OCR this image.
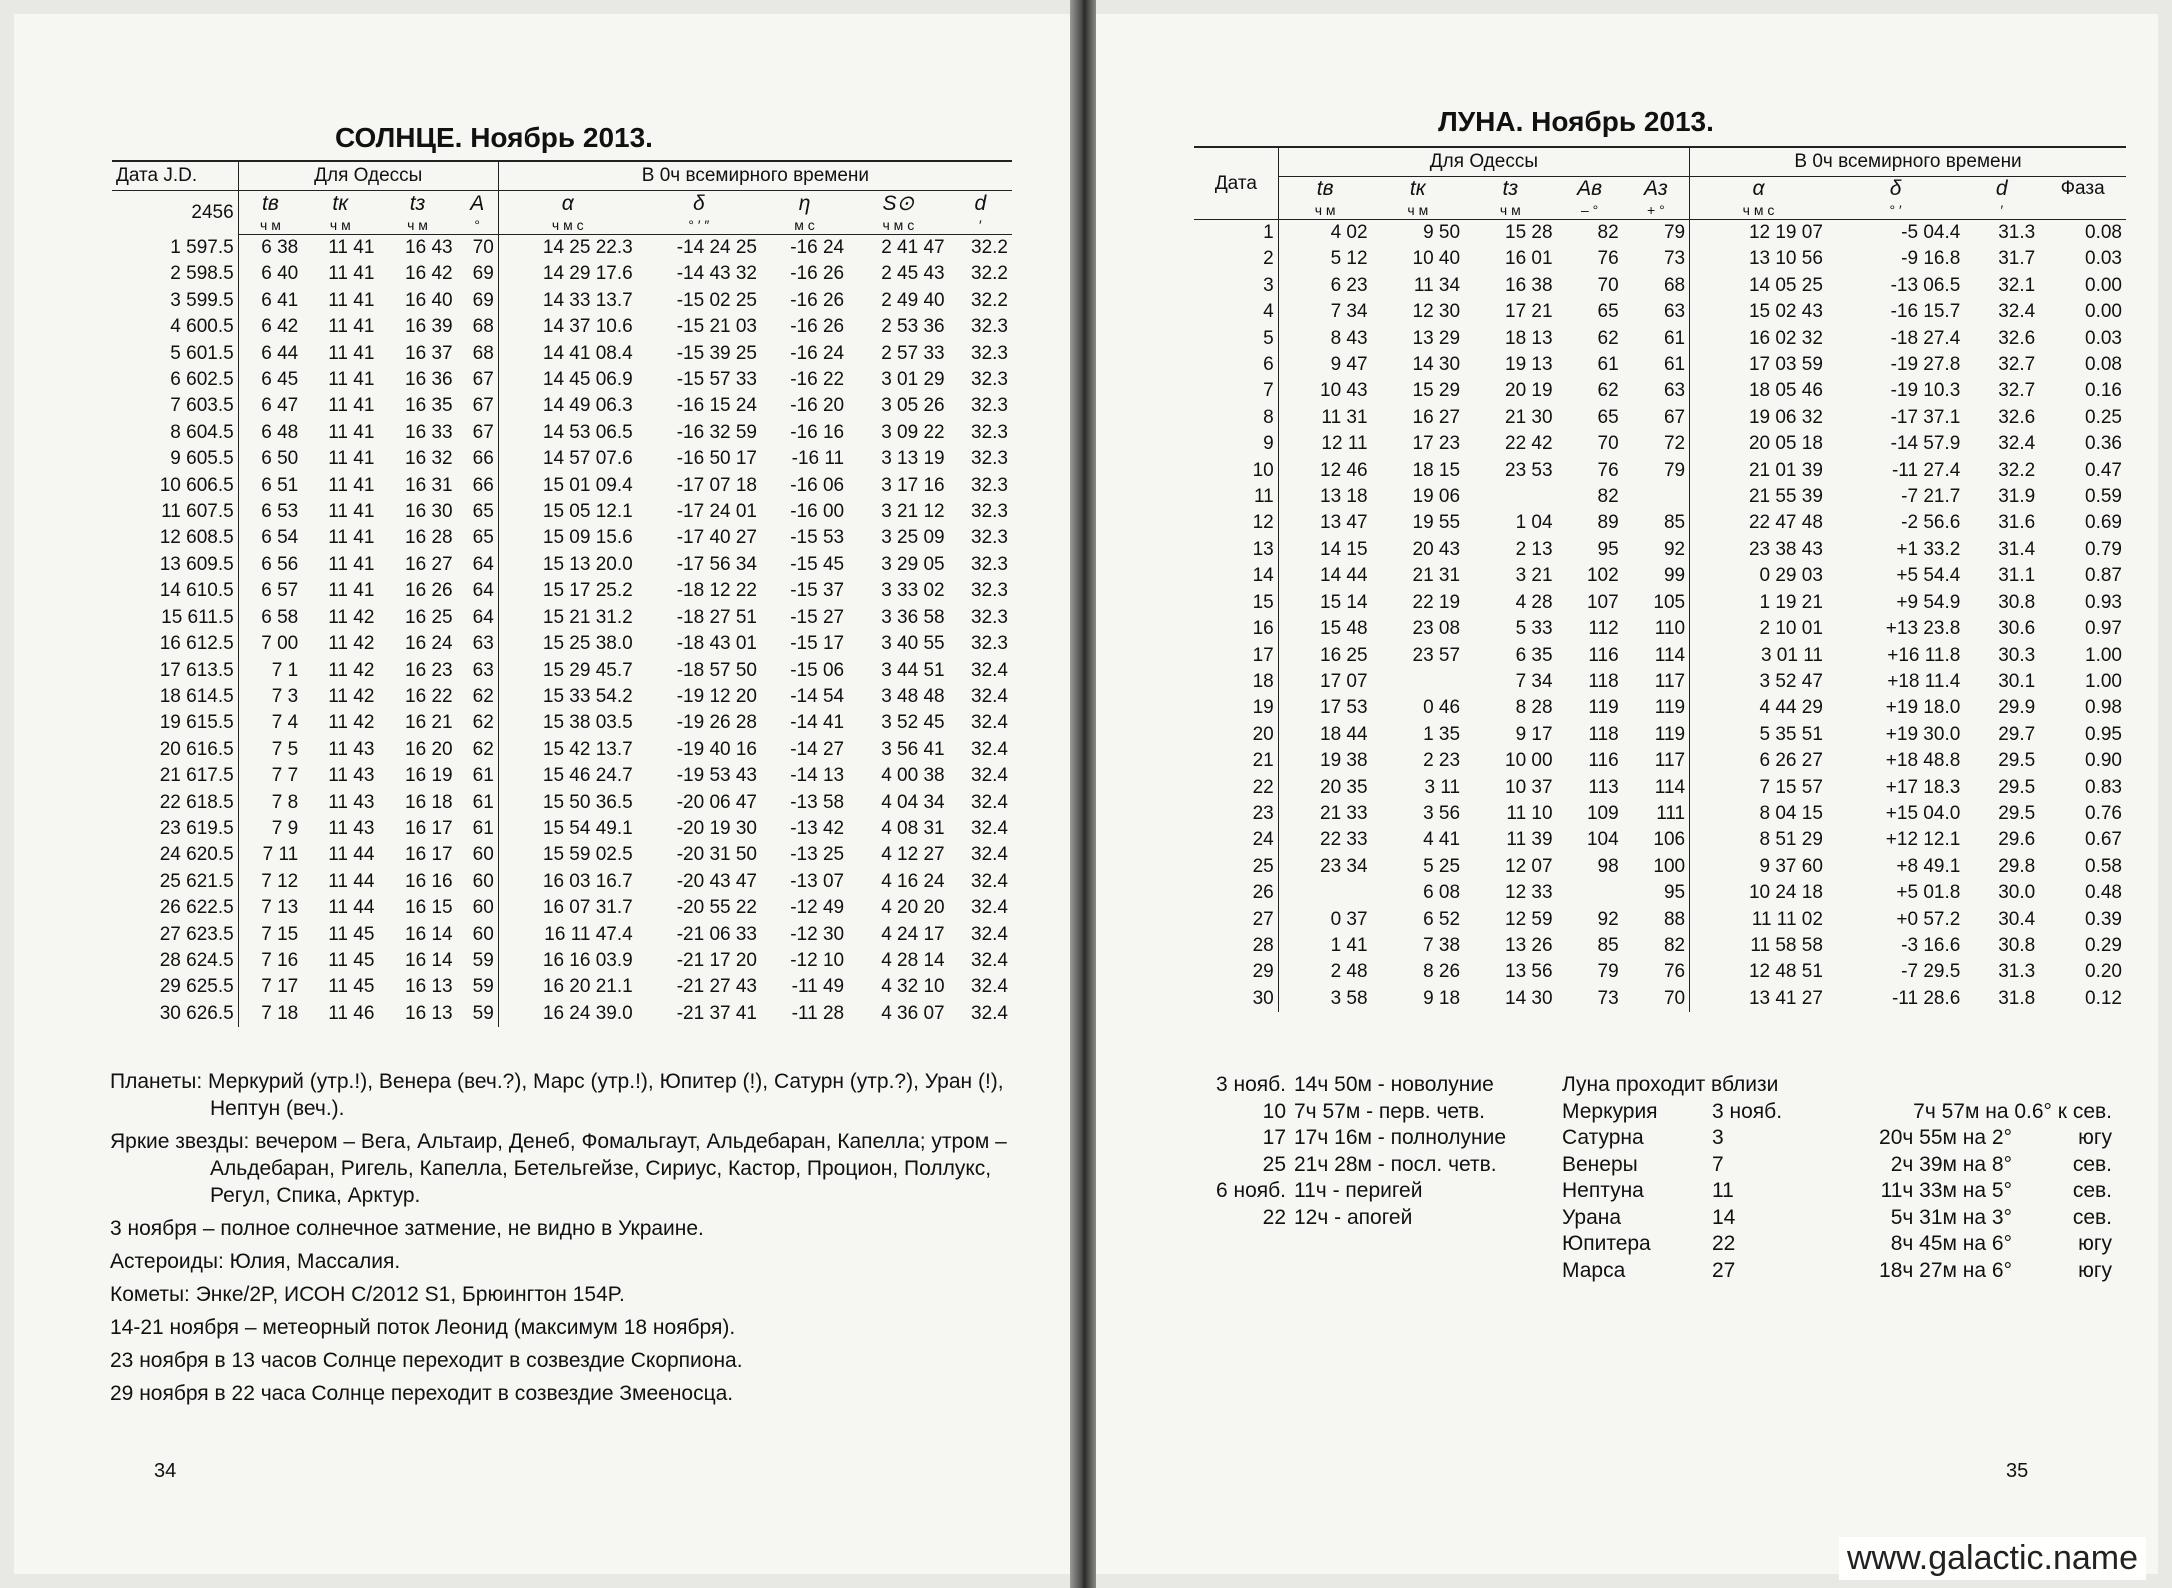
СОЛНЦЕ. Ноябрь 2013.
Дата J.D.	Для Одессы				В 0ч всемирного времени				
2456	tв	tк	tз	A	α	δ	η	S⊙	d
	ч м	ч м	ч м	°	ч м с	° ′ ″	м с	ч м с	′
1 597.5	6 38	11 41	16 43	70	14 25 22.3	-14 24 25	-16 24	2 41 47	32.2
2 598.5	6 40	11 41	16 42	69	14 29 17.6	-14 43 32	-16 26	2 45 43	32.2
3 599.5	6 41	11 41	16 40	69	14 33 13.7	-15 02 25	-16 26	2 49 40	32.2
4 600.5	6 42	11 41	16 39	68	14 37 10.6	-15 21 03	-16 26	2 53 36	32.3
5 601.5	6 44	11 41	16 37	68	14 41 08.4	-15 39 25	-16 24	2 57 33	32.3
6 602.5	6 45	11 41	16 36	67	14 45 06.9	-15 57 33	-16 22	3 01 29	32.3
7 603.5	6 47	11 41	16 35	67	14 49 06.3	-16 15 24	-16 20	3 05 26	32.3
8 604.5	6 48	11 41	16 33	67	14 53 06.5	-16 32 59	-16 16	3 09 22	32.3
9 605.5	6 50	11 41	16 32	66	14 57 07.6	-16 50 17	-16 11	3 13 19	32.3
10 606.5	6 51	11 41	16 31	66	15 01 09.4	-17 07 18	-16 06	3 17 16	32.3
11 607.5	6 53	11 41	16 30	65	15 05 12.1	-17 24 01	-16 00	3 21 12	32.3
12 608.5	6 54	11 41	16 28	65	15 09 15.6	-17 40 27	-15 53	3 25 09	32.3
13 609.5	6 56	11 41	16 27	64	15 13 20.0	-17 56 34	-15 45	3 29 05	32.3
14 610.5	6 57	11 41	16 26	64	15 17 25.2	-18 12 22	-15 37	3 33 02	32.3
15 611.5	6 58	11 42	16 25	64	15 21 31.2	-18 27 51	-15 27	3 36 58	32.3
16 612.5	7 00	11 42	16 24	63	15 25 38.0	-18 43 01	-15 17	3 40 55	32.3
17 613.5	7 1	11 42	16 23	63	15 29 45.7	-18 57 50	-15 06	3 44 51	32.4
18 614.5	7 3	11 42	16 22	62	15 33 54.2	-19 12 20	-14 54	3 48 48	32.4
19 615.5	7 4	11 42	16 21	62	15 38 03.5	-19 26 28	-14 41	3 52 45	32.4
20 616.5	7 5	11 43	16 20	62	15 42 13.7	-19 40 16	-14 27	3 56 41	32.4
21 617.5	7 7	11 43	16 19	61	15 46 24.7	-19 53 43	-14 13	4 00 38	32.4
22 618.5	7 8	11 43	16 18	61	15 50 36.5	-20 06 47	-13 58	4 04 34	32.4
23 619.5	7 9	11 43	16 17	61	15 54 49.1	-20 19 30	-13 42	4 08 31	32.4
24 620.5	7 11	11 44	16 17	60	15 59 02.5	-20 31 50	-13 25	4 12 27	32.4
25 621.5	7 12	11 44	16 16	60	16 03 16.7	-20 43 47	-13 07	4 16 24	32.4
26 622.5	7 13	11 44	16 15	60	16 07 31.7	-20 55 22	-12 49	4 20 20	32.4
27 623.5	7 15	11 45	16 14	60	16 11 47.4	-21 06 33	-12 30	4 24 17	32.4
28 624.5	7 16	11 45	16 14	59	16 16 03.9	-21 17 20	-12 10	4 28 14	32.4
29 625.5	7 17	11 45	16 13	59	16 20 21.1	-21 27 43	-11 49	4 32 10	32.4
30 626.5	7 18	11 46	16 13	59	16 24 39.0	-21 37 41	-11 28	4 36 07	32.4

Планеты: Меркурий (утр.!), Венера (веч.?), Марс (утр.!), Юпитер (!), Сатурн (утр.?), Уран (!), Нептун (веч.).

Яркие звезды: вечером – Вега, Альтаир, Денеб, Фомальгаут, Альдебаран, Капелла; утром – Альдебаран, Ригель, Капелла, Бетельгейзе, Сириус, Кастор, Процион, Поллукс, Регул, Спика, Арктур.

3 ноября – полное солнечное затмение, не видно в Украине.

Астероиды: Юлия, Массалия.

Кометы: Энке/2P, ИСОН С/2012 S1, Брюингтон 154P.

14-21 ноября – метеорный поток Леонид (максимум 18 ноября).

23 ноября в 13 часов Солнце переходит в созвездие Скорпиона.

29 ноября в 22 часа Солнце переходит в созвездие Змееносца.

34
ЛУНА. Ноябрь 2013.
Дата	Для Одессы					В 0ч всемирного времени			
	tв	tк	tз	Aв	Aз	α	δ	d	Фаза
	ч м	ч м	ч м	– °	+ °	ч м с	° ′	′	
1	4 02	9 50	15 28	82	79	12 19 07	-5 04.4	31.3	0.08
2	5 12	10 40	16 01	76	73	13 10 56	-9 16.8	31.7	0.03
3	6 23	11 34	16 38	70	68	14 05 25	-13 06.5	32.1	0.00
4	7 34	12 30	17 21	65	63	15 02 43	-16 15.7	32.4	0.00
5	8 43	13 29	18 13	62	61	16 02 32	-18 27.4	32.6	0.03
6	9 47	14 30	19 13	61	61	17 03 59	-19 27.8	32.7	0.08
7	10 43	15 29	20 19	62	63	18 05 46	-19 10.3	32.7	0.16
8	11 31	16 27	21 30	65	67	19 06 32	-17 37.1	32.6	0.25
9	12 11	17 23	22 42	70	72	20 05 18	-14 57.9	32.4	0.36
10	12 46	18 15	23 53	76	79	21 01 39	-11 27.4	32.2	0.47
11	13 18	19 06		82		21 55 39	-7 21.7	31.9	0.59
12	13 47	19 55	1 04	89	85	22 47 48	-2 56.6	31.6	0.69
13	14 15	20 43	2 13	95	92	23 38 43	+1 33.2	31.4	0.79
14	14 44	21 31	3 21	102	99	0 29 03	+5 54.4	31.1	0.87
15	15 14	22 19	4 28	107	105	1 19 21	+9 54.9	30.8	0.93
16	15 48	23 08	5 33	112	110	2 10 01	+13 23.8	30.6	0.97
17	16 25	23 57	6 35	116	114	3 01 11	+16 11.8	30.3	1.00
18	17 07		7 34	118	117	3 52 47	+18 11.4	30.1	1.00
19	17 53	0 46	8 28	119	119	4 44 29	+19 18.0	29.9	0.98
20	18 44	1 35	9 17	118	119	5 35 51	+19 30.0	29.7	0.95
21	19 38	2 23	10 00	116	117	6 26 27	+18 48.8	29.5	0.90
22	20 35	3 11	10 37	113	114	7 15 57	+17 18.3	29.5	0.83
23	21 33	3 56	11 10	109	111	8 04 15	+15 04.0	29.5	0.76
24	22 33	4 41	11 39	104	106	8 51 29	+12 12.1	29.6	0.67
25	23 34	5 25	12 07	98	100	9 37 60	+8 49.1	29.8	0.58
26		6 08	12 33		95	10 24 18	+5 01.8	30.0	0.48
27	0 37	6 52	12 59	92	88	11 11 02	+0 57.2	30.4	0.39
28	1 41	7 38	13 26	85	82	11 58 58	-3 16.6	30.8	0.29
29	2 48	8 26	13 56	79	76	12 48 51	-7 29.5	31.3	0.20
30	3 58	9 18	14 30	73	70	13 41 27	-11 28.6	31.8	0.12
3 нояб. 14ч 50м - новолуние
10 7ч 57м - перв. четв.
17 17ч 16м - полнолуние
25 21ч 28м - посл. четв.
6 нояб. 11ч - перигей
22 12ч - апогей
Луна проходит вблизи
Меркурия	3 нояб.	7ч 57м на 0.6° к сев.
Сатурна	3	20ч 55м на 2°	югу
Венеры	7	2ч 39м на 8°	сев.
Нептуна	11	11ч 33м на 5°	сев.
Урана	14	5ч 31м на 3°	сев.
Юпитера	22	8ч 45м на 6°	югу
Марса	27	18ч 27м на 6°	югу
35
www.galactic.name
